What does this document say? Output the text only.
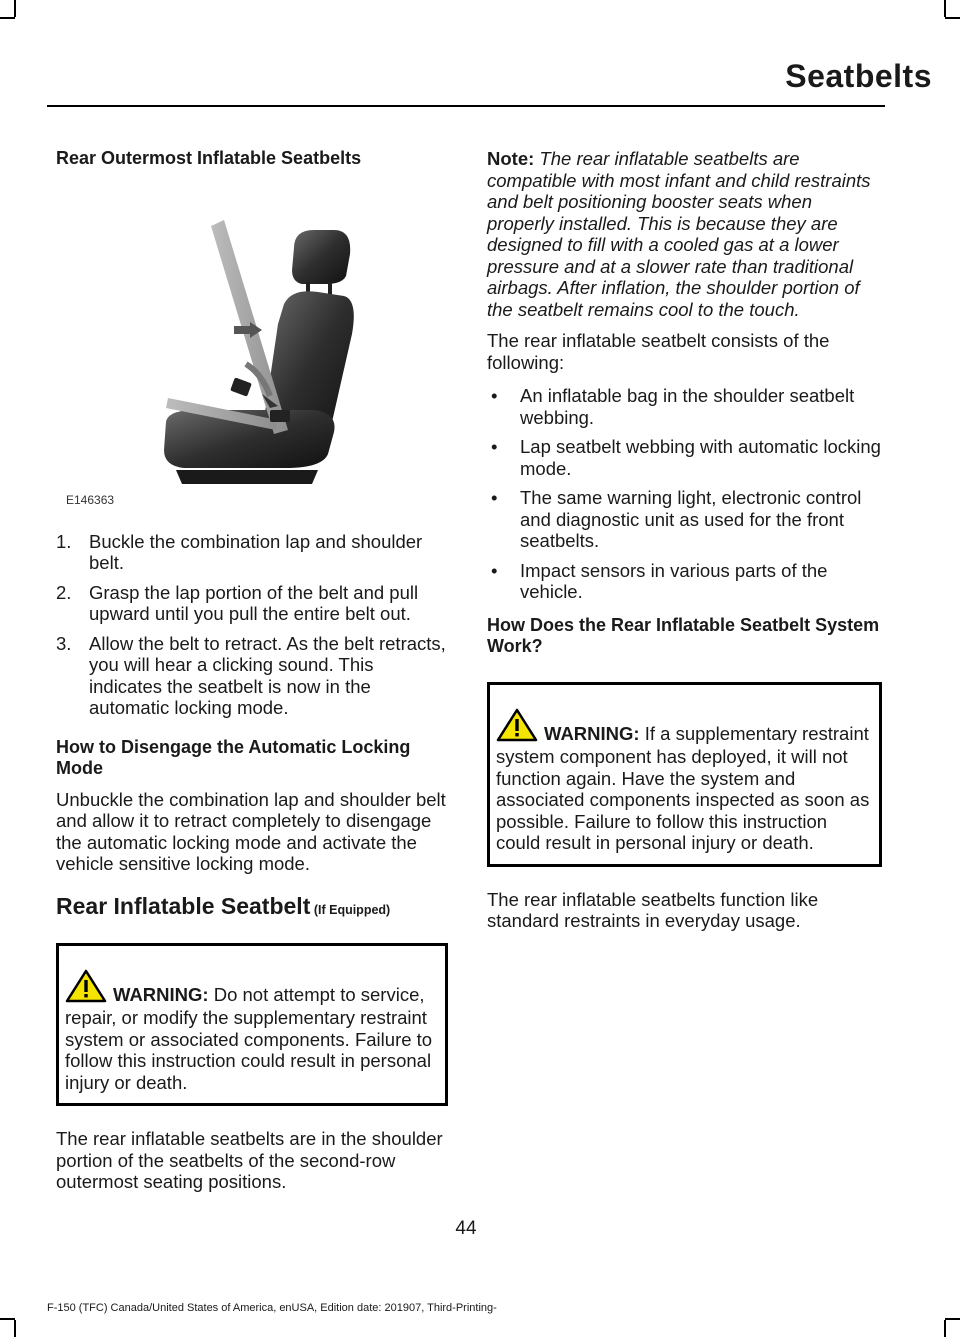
Seatbelts

Rear Outermost Inflatable Seatbelts

E146363
1. Buckle the combination lap and shoulder belt.
2. Grasp the lap portion of the belt and pull upward until you pull the entire belt out.
3. Allow the belt to retract. As the belt retracts, you will hear a clicking sound. This indicates the seatbelt is now in the automatic locking mode.

How to Disengage the Automatic Locking Mode

Unbuckle the combination lap and shoulder belt and allow it to retract completely to disengage the automatic locking mode and activate the vehicle sensitive locking mode.

Rear Inflatable Seatbelt (If Equipped)

WARNING: Do not attempt to service, repair, or modify the supplementary restraint system or associated components. Failure to follow this instruction could result in personal injury or death.

The rear inflatable seatbelts are in the shoulder portion of the seatbelts of the second-row outermost seating positions.

Note: The rear inflatable seatbelts are compatible with most infant and child restraints and belt positioning booster seats when properly installed. This is because they are designed to fill with a cooled gas at a lower pressure and at a slower rate than traditional airbags. After inflation, the shoulder portion of the seatbelt remains cool to the touch.

The rear inflatable seatbelt consists of the following:

• An inflatable bag in the shoulder seatbelt webbing.
• Lap seatbelt webbing with automatic locking mode.
• The same warning light, electronic control and diagnostic unit as used for the front seatbelts.
• Impact sensors in various parts of the vehicle.

How Does the Rear Inflatable Seatbelt System Work?

WARNING: If a supplementary restraint system component has deployed, it will not function again. Have the system and associated components inspected as soon as possible. Failure to follow this instruction could result in personal injury or death.

The rear inflatable seatbelts function like standard restraints in everyday usage.

44
F-150 (TFC) Canada/United States of America, enUSA, Edition date: 201907, Third-Printing-
